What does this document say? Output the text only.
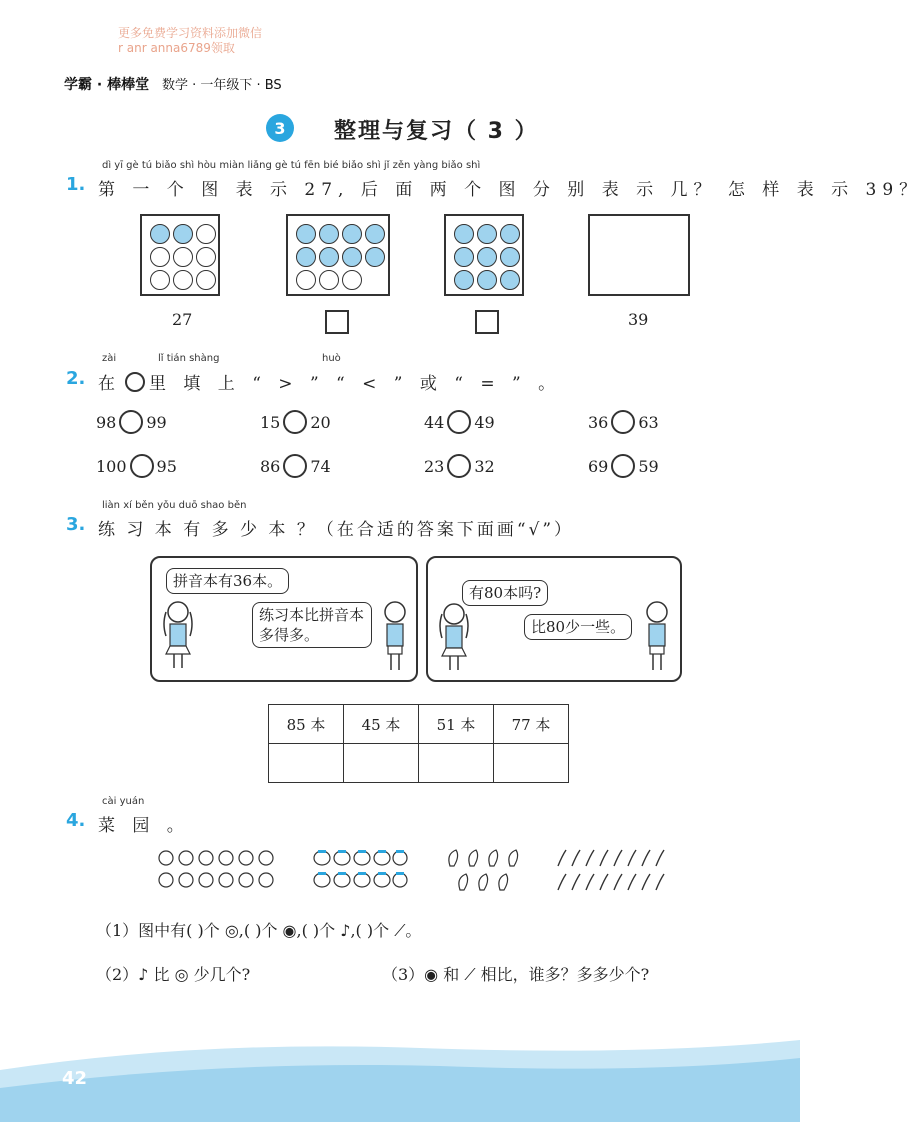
更多免费学习资料添加微信
r anr anna6789领取
学霸 · 棒棒堂 数学 · 一年级下 · BS
3	整理与复习（ 3 ）
dì yī gè tú biǎo shì hòu miàn liǎng gè tú fēn bié biǎo shì jǐ zěn yàng biǎo shì
1. 第 一 个 图 表 示 27, 后 面 两 个 图 分 别 表 示 几？ 怎 样 表 示 39？
27	39
zài	lǐ tián shàng	huò
2. 在 里 填 上 “ > ” “ < ” 或 “ = ” 。
98 99	15 20	44 49	36 63
100 95	86 74	23 32	69 59
liàn xí běn yǒu duō shao běn
3. 练 习 本 有 多 少 本 ？（在合适的答案下面画“√”）
拼音本有36本。
练习本比拼音本多得多。
有80本吗?
比80少一些。
85 本	45 本	51 本	77 本

cài yuán
4. 菜 园 。
（1）图中有( )个 ◎,( )个 ◉,( )个 ♪,( )个 ⟋。
（2）♪ 比 ◎ 少几个?	（3）◉ 和 ⟋ 相比，谁多？多多少个?
42
